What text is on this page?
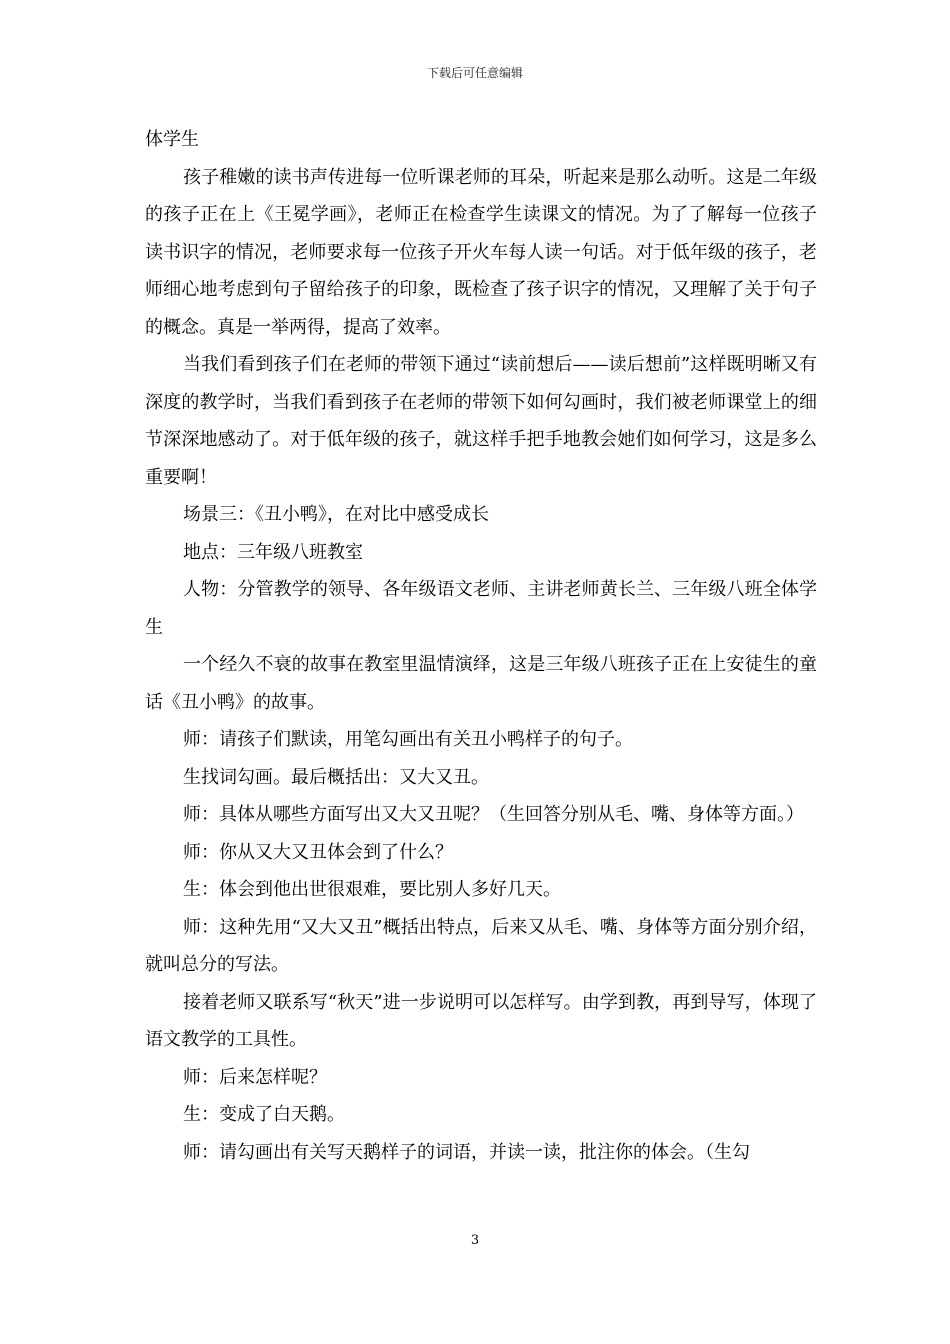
下载后可任意编辑

体学生

孩子稚嫩的读书声传进每一位听课老师的耳朵，听起来是那么动听。这是二年级的孩子正在上《王冕学画》，老师正在检查学生读课文的情况。为了了解每一位孩子读书识字的情况，老师要求每一位孩子开火车每人读一句话。对于低年级的孩子，老师细心地考虑到句子留给孩子的印象，既检查了孩子识字的情况，又理解了关于句子的概念。真是一举两得，提高了效率。

当我们看到孩子们在老师的带领下通过“读前想后——读后想前”这样既明晰又有深度的教学时，当我们看到孩子在老师的带领下如何勾画时，我们被老师课堂上的细节深深地感动了。对于低年级的孩子，就这样手把手地教会她们如何学习，这是多么重要啊！

场景三：《丑小鸭》，在对比中感受成长

地点：三年级八班教室

人物：分管教学的领导、各年级语文老师、主讲老师黄长兰、三年级八班全体学生

一个经久不衰的故事在教室里温情演绎，这是三年级八班孩子正在上安徒生的童话《丑小鸭》的故事。

师：请孩子们默读，用笔勾画出有关丑小鸭样子的句子。

生找词勾画。最后概括出：又大又丑。

师：具体从哪些方面写出又大又丑呢？（生回答分别从毛、嘴、身体等方面。）

师：你从又大又丑体会到了什么？

生：体会到他出世很艰难，要比别人多好几天。

师：这种先用“又大又丑”概括出特点，后来又从毛、嘴、身体等方面分别介绍，就叫总分的写法。

接着老师又联系写“秋天”进一步说明可以怎样写。由学到教，再到导写，体现了语文教学的工具性。

师：后来怎样呢？

生：变成了白天鹅。

师：请勾画出有关写天鹅样子的词语，并读一读，批注你的体会。（生勾

3
